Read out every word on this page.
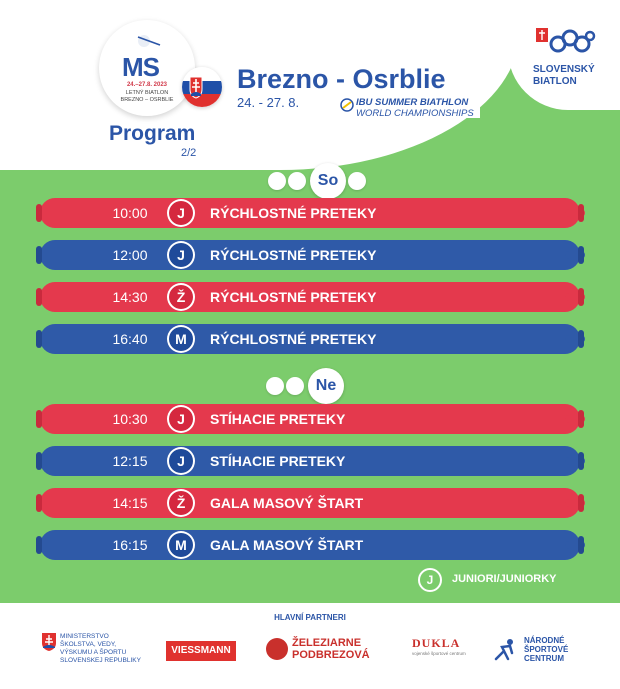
MS
24.–27.8. 2023
LETNÝ BIATLON
BREZNO – OSRBLIE
Brezno - Osrblie
24. - 27. 8.	IBU SUMMER BIATHLON
WORLD CHAMPIONSHIPS
Program
2/2
SLOVENSKÝ
BIATLON
So
10:00	J	RÝCHLOSTNÉ PRETEKY
12:00	J	RÝCHLOSTNÉ PRETEKY
14:30	Ž	RÝCHLOSTNÉ PRETEKY
16:40	M	RÝCHLOSTNÉ PRETEKY
Ne
10:30	J	STÍHACIE PRETEKY
12:15	J	STÍHACIE PRETEKY
14:15	Ž	GALA MASOVÝ ŠTART
16:15	M	GALA MASOVÝ ŠTART
J	JUNIORI/JUNIORKY
HLAVNÍ PARTNERI
MINISTERSTVO
ŠKOLSTVA, VEDY,
VÝSKUMU A ŠPORTU
SLOVENSKEJ REPUBLIKY
VIESSMANN
ŽELEZIARNE
PODBREZOVÁ
DUKLA
vojenské športové centrum
NÁRODNÉ
ŠPORTOVÉ
CENTRUM
